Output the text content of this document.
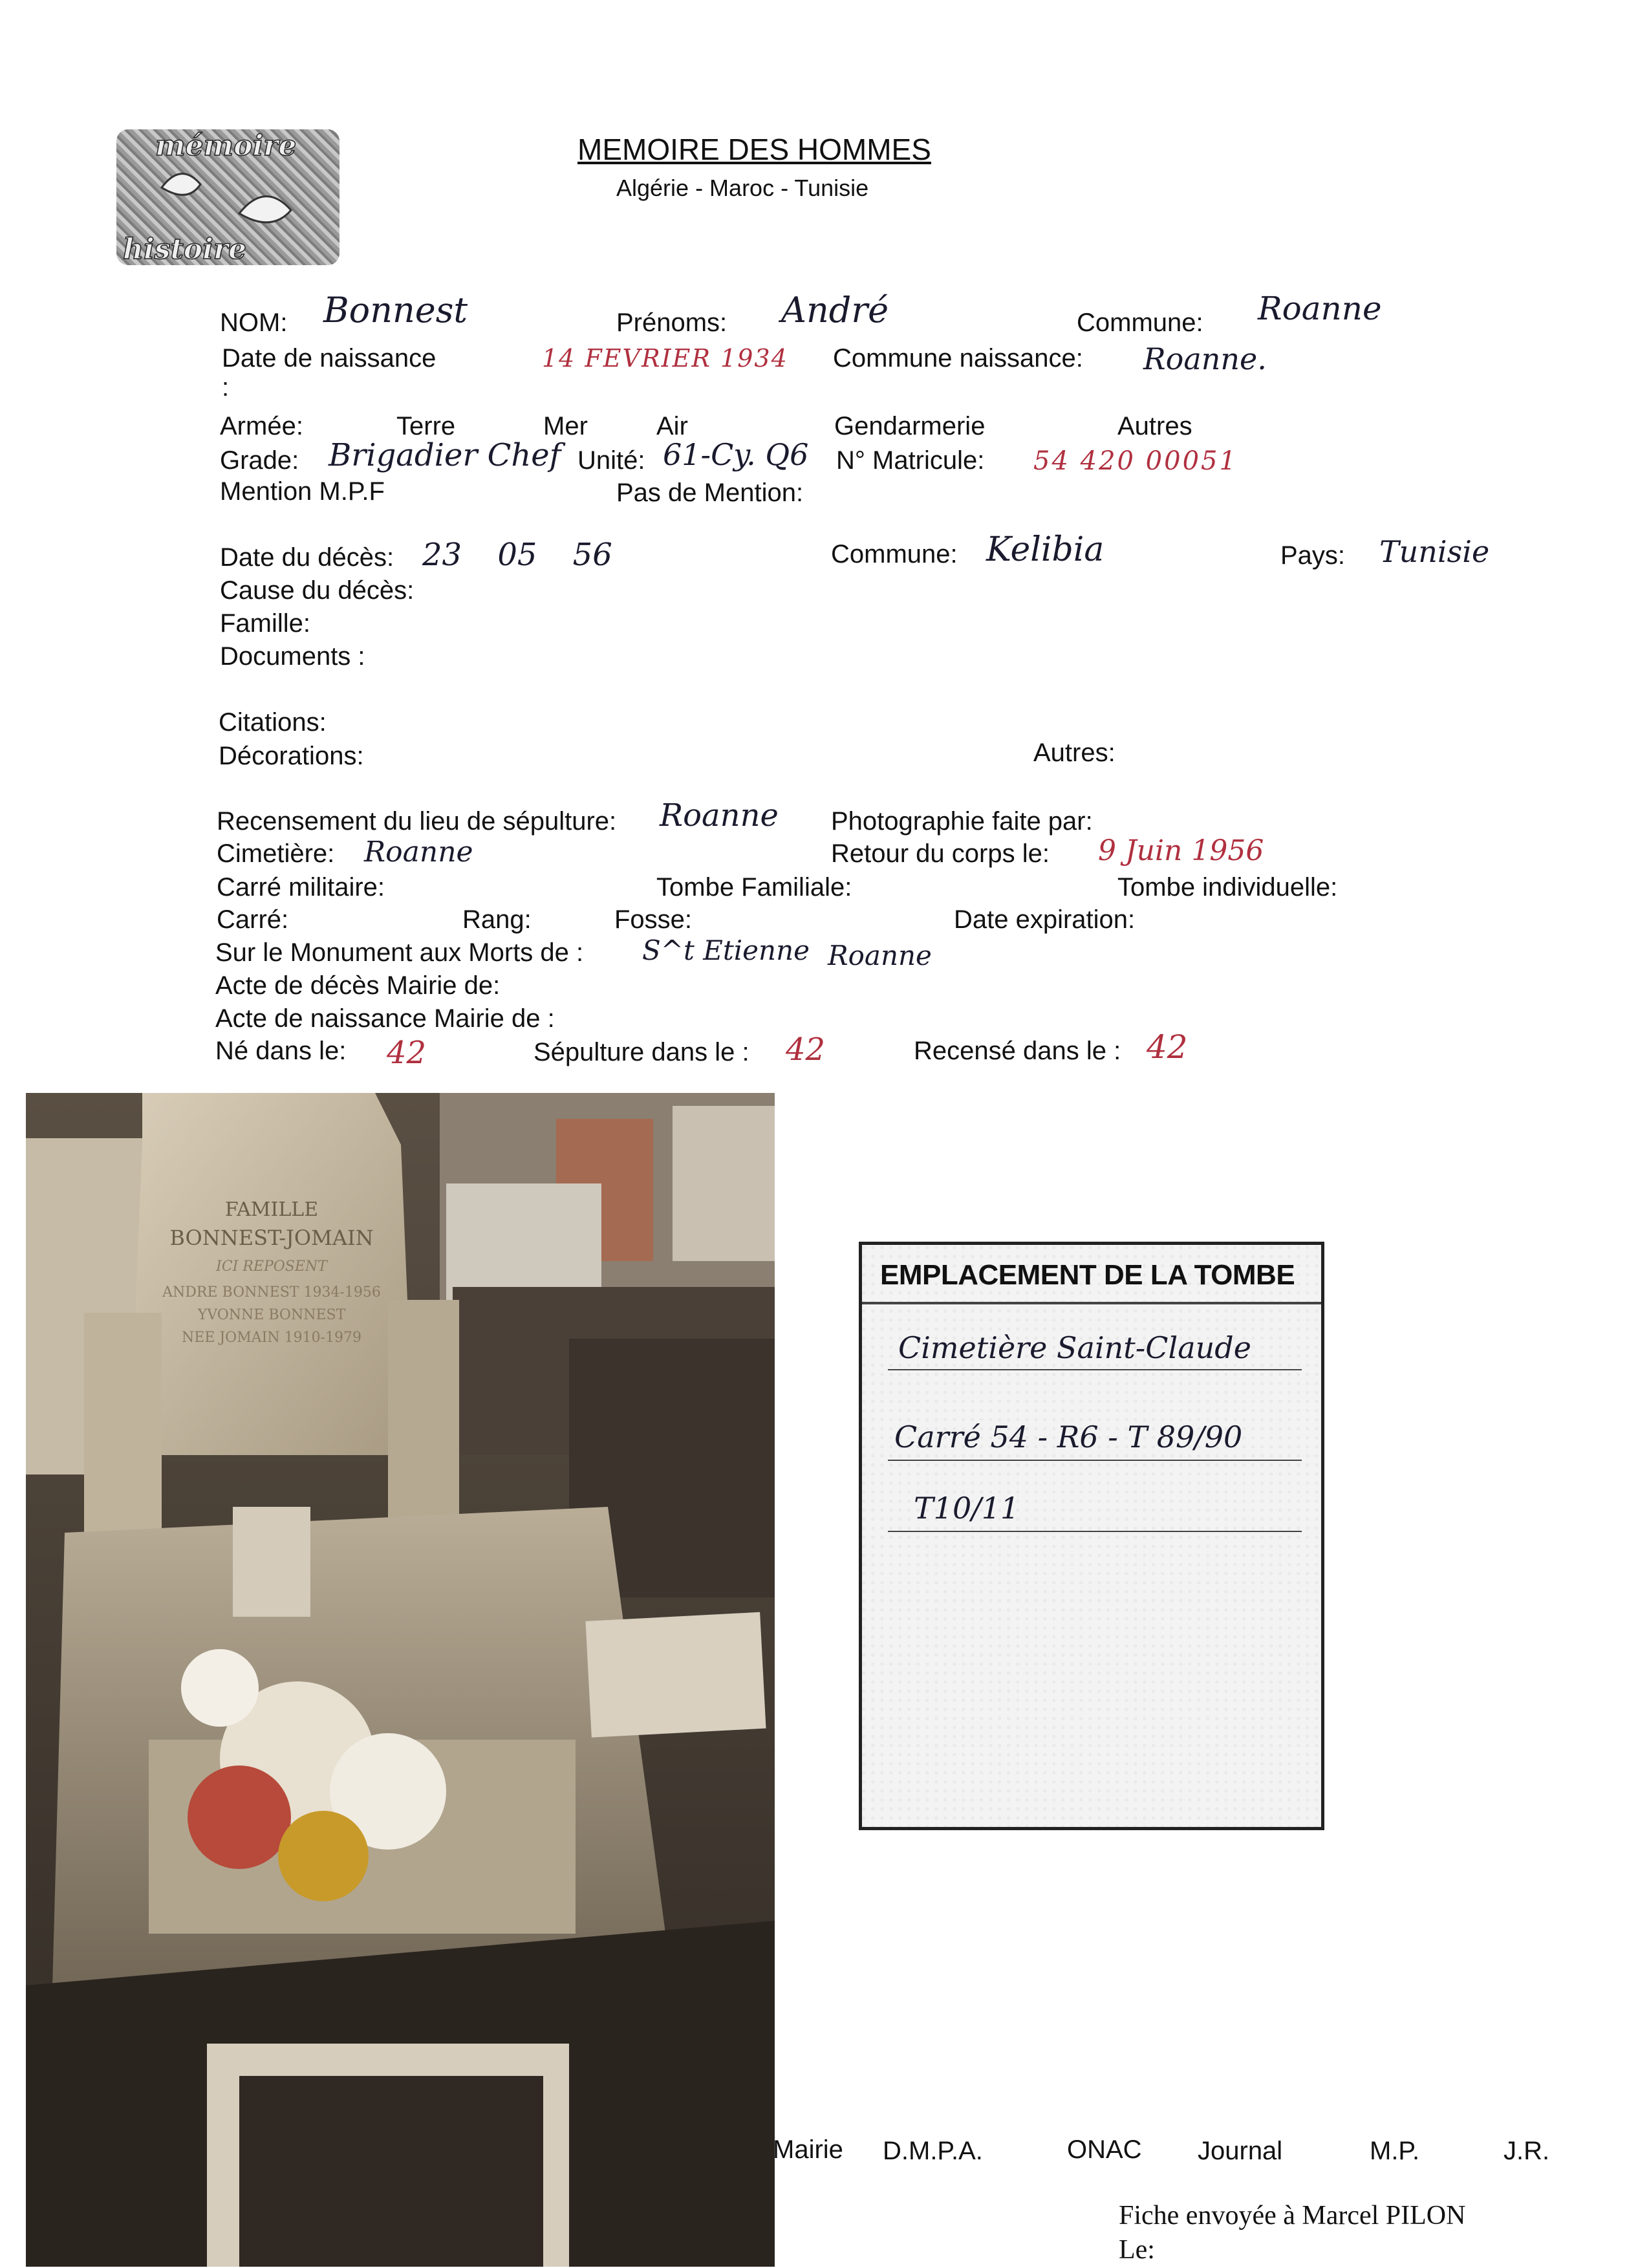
mémoire
histoire
MEMOIRE DES HOMMES
Algérie - Maroc - Tunisie
NOM: Bonnest	Prénoms: André	Commune: Roanne
Date de naissance
:
14 FEVRIER 1934 Commune naissance: Roanne.
Armée:	Terre	Mer	Air	Gendarmerie	Autres
Grade: Brigadier Chef Unité: 61-Cy. Q6 N° Matricule: 54 420 00051
Mention M.P.F	Pas de Mention:
Date du décès: 23 05 56	Commune: Kelibia	Pays: Tunisie
Cause du décès:
Famille:
Documents :
Citations:
Décorations:	Autres:
Recensement du lieu de sépulture: Roanne Photographie faite par:
Cimetière: Roanne	Retour du corps le: 9 Juin 1956
Carré militaire:	Tombe Familiale:	Tombe individuelle:
Carré:	Rang:	Fosse:	Date expiration:
Sur le Monument aux Morts de : S^t Etienne Roanne
Acte de décès Mairie de:
Acte de naissance Mairie de :
Né dans le: 42	Sépulture dans le : 42	Recensé dans le : 42
FAMILLE
BONNEST-JOMAIN
ICI REPOSENT
ANDRE BONNEST 1934-1956
YVONNE BONNEST
NEE JOMAIN 1910-1979
EMPLACEMENT DE LA TOMBE
Cimetière Saint-Claude
Carré 54 - R6 - T 89/90
T10/11
Mairie D.M.P.A.	ONAC Journal	M.P.	J.R.
Fiche envoyée à Marcel PILON
Le:
